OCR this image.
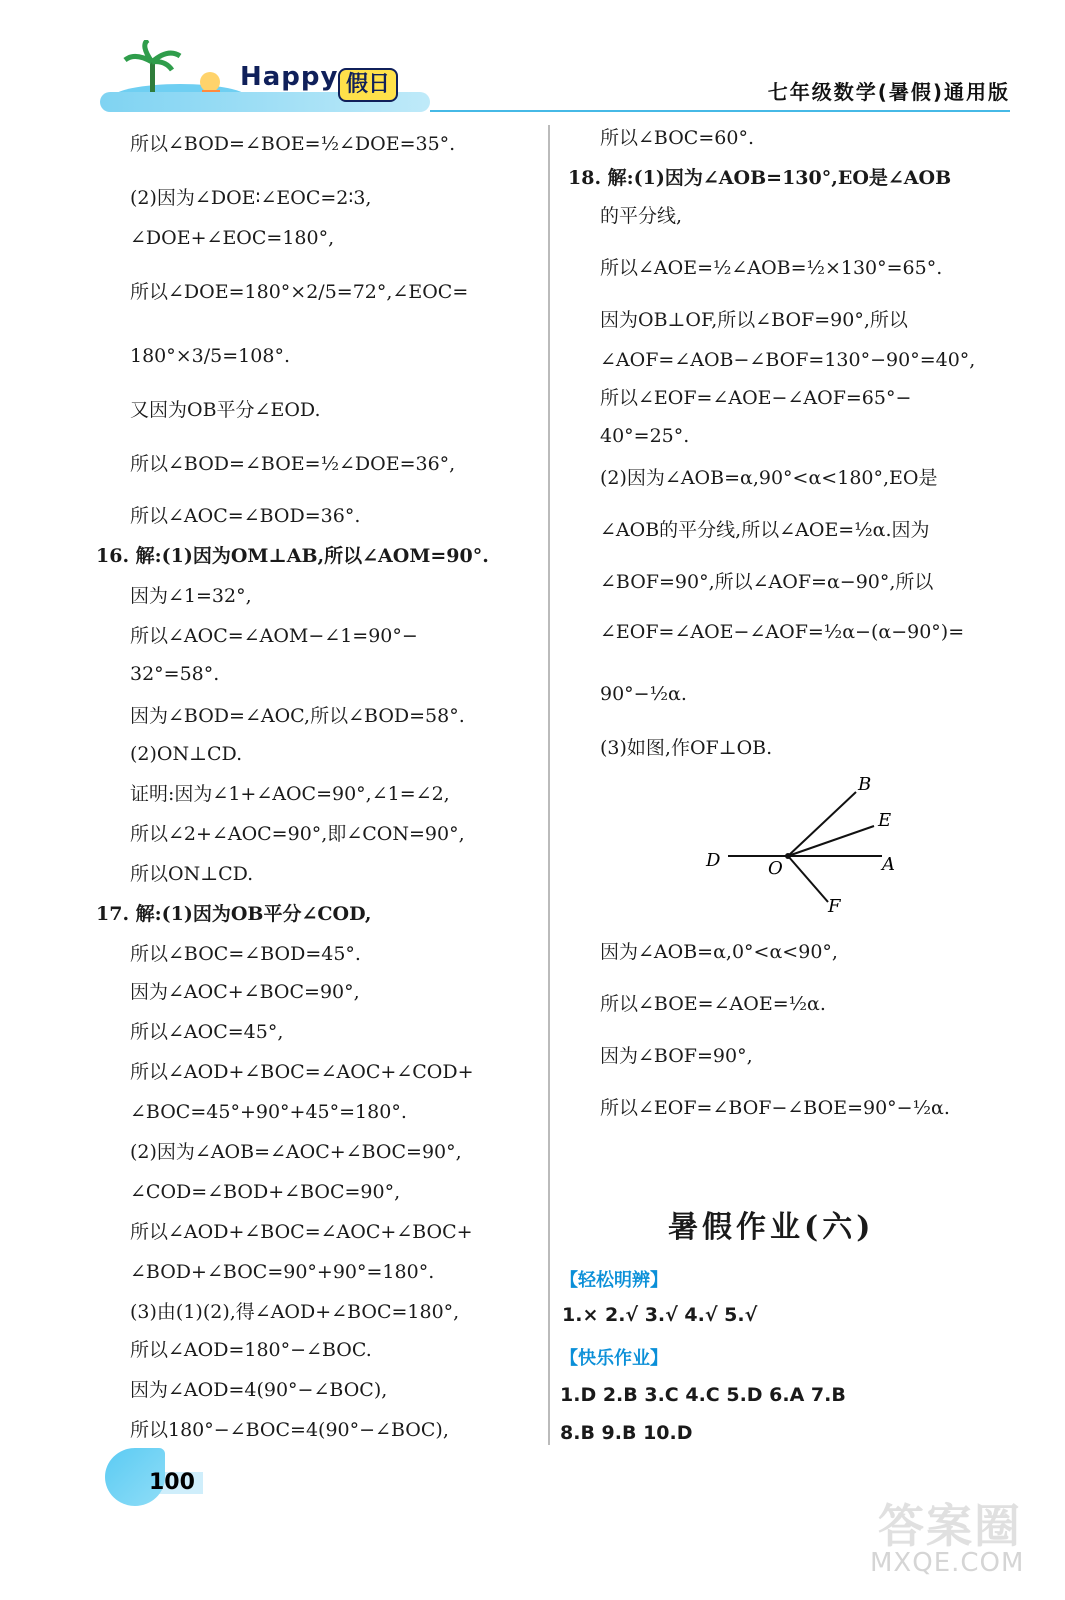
Happy 假日	七年级数学(暑假)通用版
所以∠BOD=∠BOE=½∠DOE=35°.
(2)因为∠DOE∶∠EOC=2∶3,
∠DOE+∠EOC=180°,
所以∠DOE=180°×2/5=72°,∠EOC=
180°×3/5=108°.
又因为OB平分∠EOD.
所以∠BOD=∠BOE=½∠DOE=36°,
所以∠AOC=∠BOD=36°.
16. 解:(1)因为OM⊥AB,所以∠AOM=90°.
因为∠1=32°,
所以∠AOC=∠AOM−∠1=90°−
32°=58°.
因为∠BOD=∠AOC,所以∠BOD=58°.
(2)ON⊥CD.
证明:因为∠1+∠AOC=90°,∠1=∠2,
所以∠2+∠AOC=90°,即∠CON=90°,
所以ON⊥CD.
17. 解:(1)因为OB平分∠COD,
所以∠BOC=∠BOD=45°.
因为∠AOC+∠BOC=90°,
所以∠AOC=45°,
所以∠AOD+∠BOC=∠AOC+∠COD+
∠BOC=45°+90°+45°=180°.
(2)因为∠AOB=∠AOC+∠BOC=90°,
∠COD=∠BOD+∠BOC=90°,
所以∠AOD+∠BOC=∠AOC+∠BOC+
∠BOD+∠BOC=90°+90°=180°.
(3)由(1)(2),得∠AOD+∠BOC=180°,
所以∠AOD=180°−∠BOC.
因为∠AOD=4(90°−∠BOC),
所以180°−∠BOC=4(90°−∠BOC),
所以∠BOC=60°.
18. 解:(1)因为∠AOB=130°,EO是∠AOB
的平分线,
所以∠AOE=½∠AOB=½×130°=65°.
因为OB⊥OF,所以∠BOF=90°,所以
∠AOF=∠AOB−∠BOF=130°−90°=40°,
所以∠EOF=∠AOE−∠AOF=65°−
40°=25°.
(2)因为∠AOB=α,90°<α<180°,EO是
∠AOB的平分线,所以∠AOE=½α.因为
∠BOF=90°,所以∠AOF=α−90°,所以
∠EOF=∠AOE−∠AOF=½α−(α−90°)=
90°−½α.
(3)如图,作OF⊥OB.
因为∠AOB=α,0°<α<90°,
所以∠BOE=∠AOE=½α.
因为∠BOF=90°,
所以∠EOF=∠BOF−∠BOE=90°−½α.
B
E
D	O	A
F
暑假作业(六)
【轻松明辨】
1.× 2.√ 3.√ 4.√ 5.√
【快乐作业】
1.D 2.B 3.C 4.C 5.D 6.A 7.B
8.B 9.B 10.D
100
答案圈
MXQE.COM
